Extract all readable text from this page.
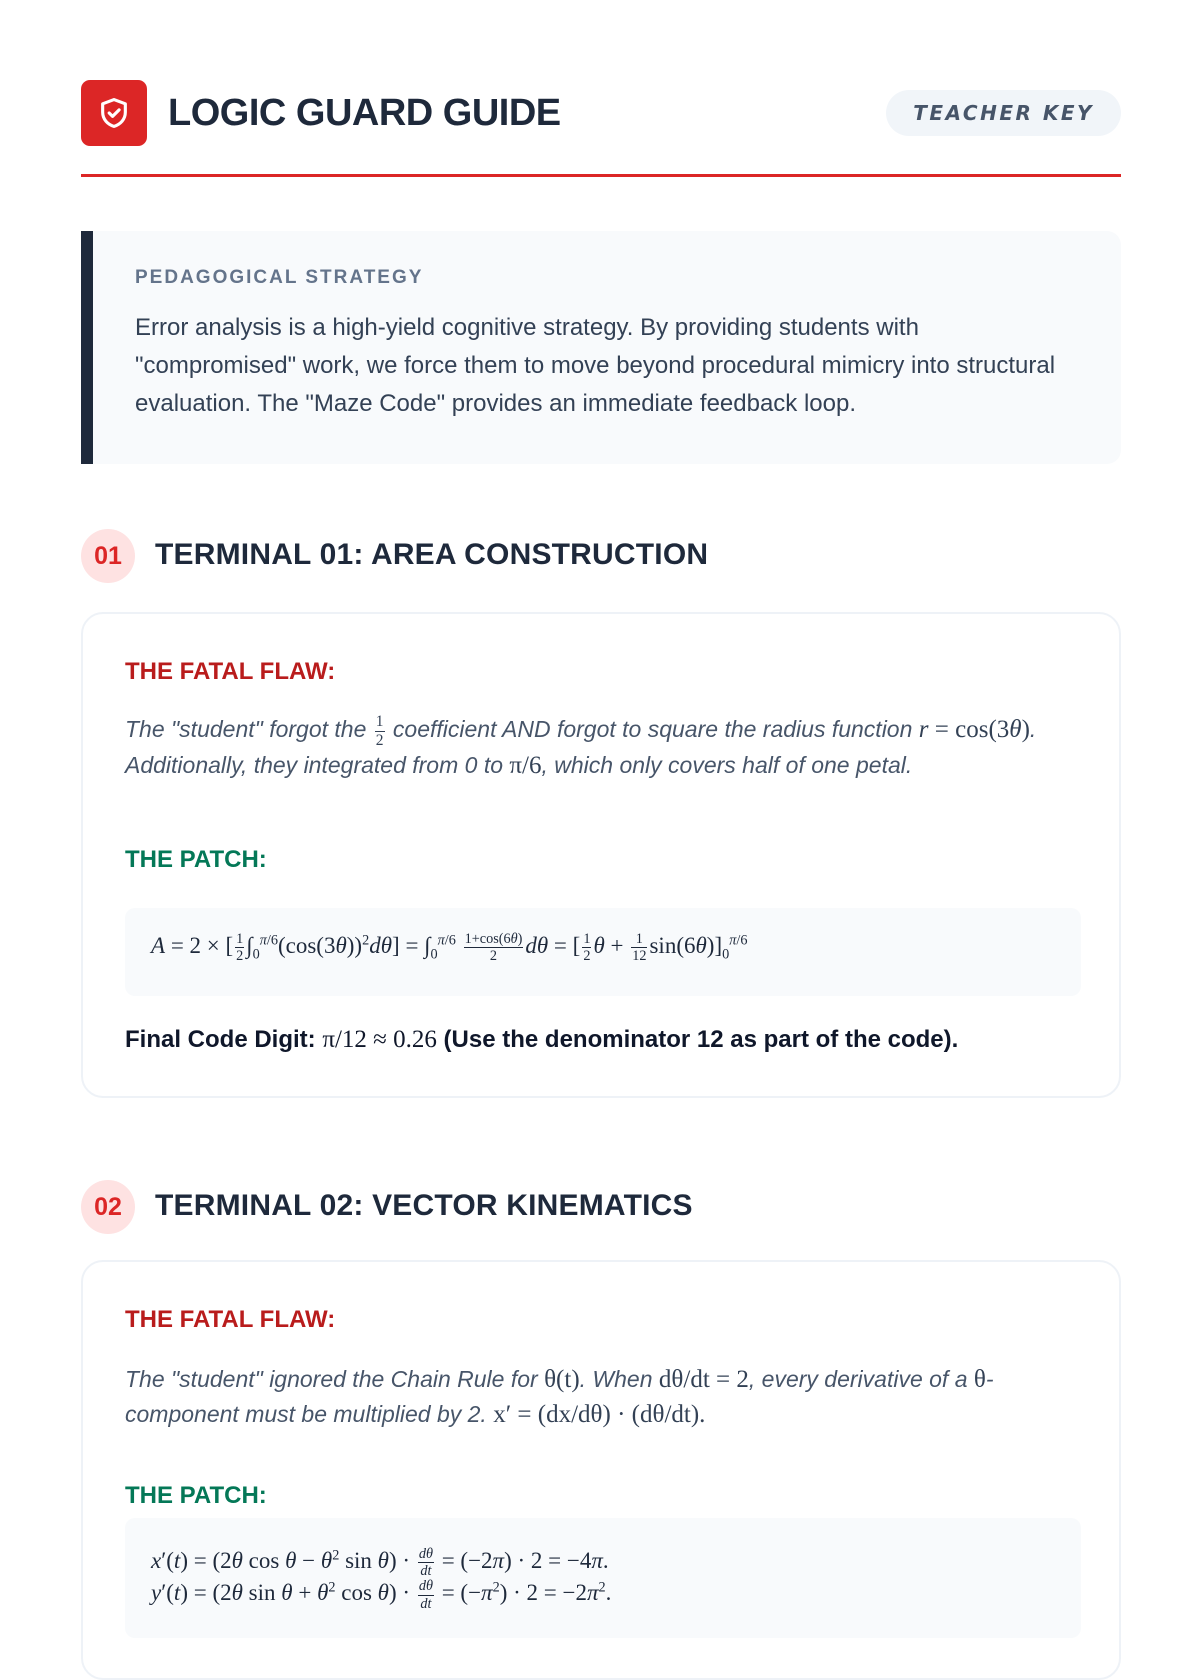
LOGIC GUARD GUIDE	TEACHER KEY
PEDAGOGICAL STRATEGY
Error analysis is a high-yield cognitive strategy. By providing students with "compromised" work, we force them to move beyond procedural mimicry into structural evaluation. The "Maze Code" provides an immediate feedback loop.
01	TERMINAL 01: AREA CONSTRUCTION
THE FATAL FLAW:
The "student" forgot the $\frac{1}{2}$ coefficient AND forgot to square the radius function r = cos(3θ). Additionally, they integrated from 0 to π/6, which only covers half of one petal.
THE PATCH:
A = 2 × [ $\frac{1}{2} \int_0^{\pi/6}(\cos(3\theta))^2d\theta] = \int_0^{\pi/6} \frac{1+\cos(6\theta)}{2}$ dθ = [ $\frac{1}{2}$ $\theta + \frac{1}{12} \sin(6\theta)]_0^{\pi/6}$
Final Code Digit: π/12 ≈ 0.26 (Use the denominator 12 as part of the code).
02	TERMINAL 02: VECTOR KINEMATICS
THE FATAL FLAW:
The "student" ignored the Chain Rule for θ(t). When dθ/dt = 2, every derivative of a θ-component must be multiplied by 2. x′ = (dx/dθ) · (dθ/dt).
THE PATCH:
x′(t) = (2θ $\cos \theta - \theta^2$ $\sin \theta) \cdot \frac{d\theta}{dt} = (-2\pi) \cdot 2 = -4\pi$.
y′(t) = (2θ $\sin \theta + \theta^2$ $\cos \theta) \cdot \frac{d\theta}{dt} = (-\pi^2) \cdot 2 = -2\pi^2$.
